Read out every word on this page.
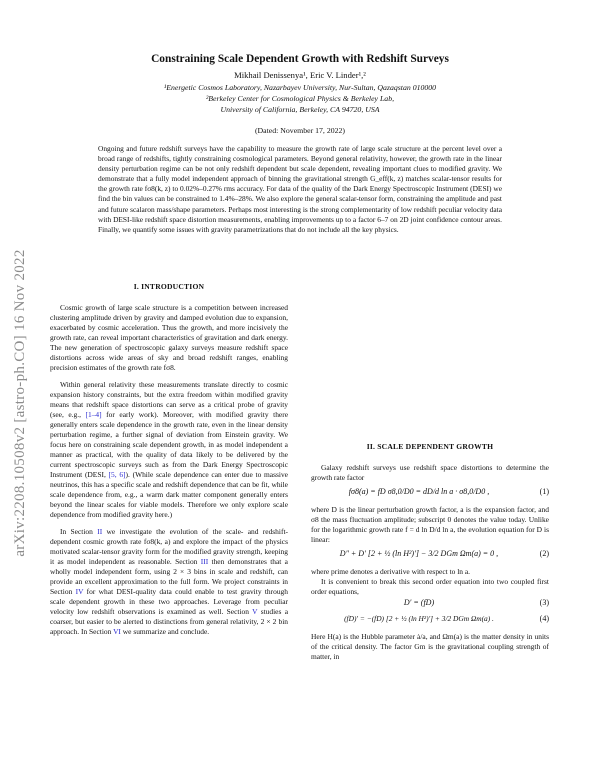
arXiv:2208.10508v2 [astro-ph.CO] 16 Nov 2022
Constraining Scale Dependent Growth with Redshift Surveys
Mikhail Denissenya¹, Eric V. Linder¹,²
¹Energetic Cosmos Laboratory, Nazarbayev University, Nur-Sultan, Qazaqstan 010000
²Berkeley Center for Cosmological Physics & Berkeley Lab,
University of California, Berkeley, CA 94720, USA
(Dated: November 17, 2022)
Ongoing and future redshift surveys have the capability to measure the growth rate of large scale structure at the percent level over a broad range of redshifts, tightly constraining cosmological parameters. Beyond general relativity, however, the growth rate in the linear density perturbation regime can be not only redshift dependent but scale dependent, revealing important clues to modified gravity. We demonstrate that a fully model independent approach of binning the gravitational strength G_eff(k, z) matches scalar-tensor results for the growth rate fσ8(k, z) to 0.02%–0.27% rms accuracy. For data of the quality of the Dark Energy Spectroscopic Instrument (DESI) we find the bin values can be constrained to 1.4%–28%. We also explore the general scalar-tensor form, constraining the amplitude and past and future scalaron mass/shape parameters. Perhaps most interesting is the strong complementarity of low redshift peculiar velocity data with DESI-like redshift space distortion measurements, enabling improvements up to a factor 6–7 on 2D joint confidence contour areas. Finally, we quantify some issues with gravity parametrizations that do not include all the key physics.
I. INTRODUCTION

Cosmic growth of large scale structure is a competition between increased clustering amplitude driven by gravity and damped evolution due to expansion, exacerbated by cosmic acceleration. Thus the growth, and more incisively the growth rate, can reveal important characteristics of gravitation and dark energy. The new generation of spectroscopic galaxy surveys measure redshift space distortions across wide areas of sky and broad redshift ranges, enabling precision estimates of the growth rate fσ8.

Within general relativity these measurements translate directly to cosmic expansion history constraints, but the extra freedom within modified gravity means that redshift space distortions can serve as a critical probe of gravity (see, e.g., [1–4] for early work). Moreover, with modified gravity there generally enters scale dependence in the growth rate, even in the linear density perturbation regime, a further signal of deviation from Einstein gravity. We focus here on constraining scale dependent growth, in as model independent a manner as practical, with the quality of data likely to be delivered by the current spectroscopic surveys such as from the Dark Energy Spectroscopic Instrument (DESI, [5, 6]). (While scale dependence can enter due to massive neutrinos, this has a specific scale and redshift dependence that can be fit, while scale dependence from, e.g., a warm dark matter component generally enters beyond the linear scales for viable models. Therefore we only explore scale dependence from modified gravity here.)

In Section II we investigate the evolution of the scale- and redshift-dependent cosmic growth rate fσ8(k, a) and explore the impact of the physics motivated scalar-tensor gravity form for the modified gravity strength, keeping it as model independent as reasonable. Section III then demonstrates that a wholly model independent form, using 2 × 3 bins in scale and redshift, can provide an excellent approximation to the full form. We project constraints in Section IV for what DESI-quality data could enable to test gravity through scale dependent growth in these two approaches. Leverage from peculiar velocity low redshift observations is examined as well. Section V studies a coarser, but easier to be alerted to distinctions from general relativity, 2 × 2 bin approach. In Section VI we summarize and conclude.

II. SCALE DEPENDENT GROWTH

Galaxy redshift surveys use redshift space distortions to determine the growth rate factor

fσ8(a) = fD σ8,0/D0 = dD/d ln a · σ8,0/D0 ,	(1)

where D is the linear perturbation growth factor, a is the expansion factor, and σ8 the mass fluctuation amplitude; subscript 0 denotes the value today. Unlike for the logarithmic growth rate f = d ln D/d ln a, the evolution equation for D is linear:

D″ + D′ [2 + ½ (ln H²)′] − 3/2 DGm Ωm(a) = 0 ,	(2)

where prime denotes a derivative with respect to ln a.

It is convenient to break this second order equation into two coupled first order equations,

D′ = (fD)	(3)
(fD)′ = −(fD) [2 + ½ (ln H²)′] + 3/2 DGm Ωm(a) .	(4)

Here H(a) is the Hubble parameter ȧ/a, and Ωm(a) is the matter density in units of the critical density. The factor Gm is the gravitational coupling strength of matter, in
